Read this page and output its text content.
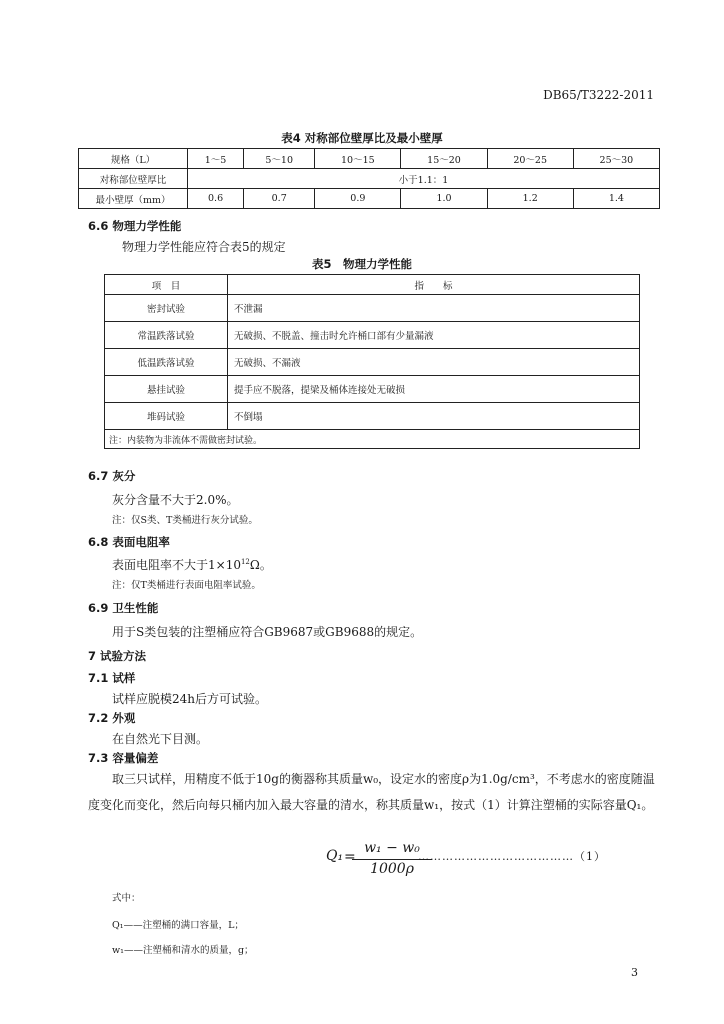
DB65/T3222-2011
表4 对称部位壁厚比及最小壁厚
规格（L）	1～5	5～10	10～15	15～20	20～25	25～30
对称部位壁厚比	小于1.1：1					
最小壁厚（mm）	0.6	0.7	0.9	1.0	1.2	1.4
6.6 物理力学性能
物理力学性能应符合表5的规定
表5　物理力学性能
项　目	指　　标
密封试验	不泄漏
常温跌落试验	无破损、不脱盖、撞击时允许桶口部有少量漏液
低温跌落试验	无破损、不漏液
悬挂试验	提手应不脱落，提梁及桶体连接处无破损
堆码试验	不倒塌
注：内装物为非流体不需做密封试验。	
6.7 灰分
灰分含量不大于2.0%。
注：仅S类、T类桶进行灰分试验。
6.8 表面电阻率
表面电阻率不大于$1\times 10^{12}\Omega$。
注：仅T类桶进行表面电阻率试验。
6.9 卫生性能
用于S类包装的注塑桶应符合GB9687或GB9688的规定。
7 试验方法
7.1 试样
试样应脱模24h后方可试验。
7.2 外观
在自然光下目测。
7.3 容量偏差
取三只试样，用精度不低于10g的衡器称其质量w₀，设定水的密度ρ为1.0g/cm³，不考虑水的密度随温度变化而变化，然后向每只桶内加入最大容量的清水，称其质量w₁，按式（1）计算注塑桶的实际容量Q₁。
Q₁ =
w₁ − w₀
1000ρ
…………………………………（1）
式中：
Q₁——注塑桶的满口容量，L；
w₁——注塑桶和清水的质量，g；
3
